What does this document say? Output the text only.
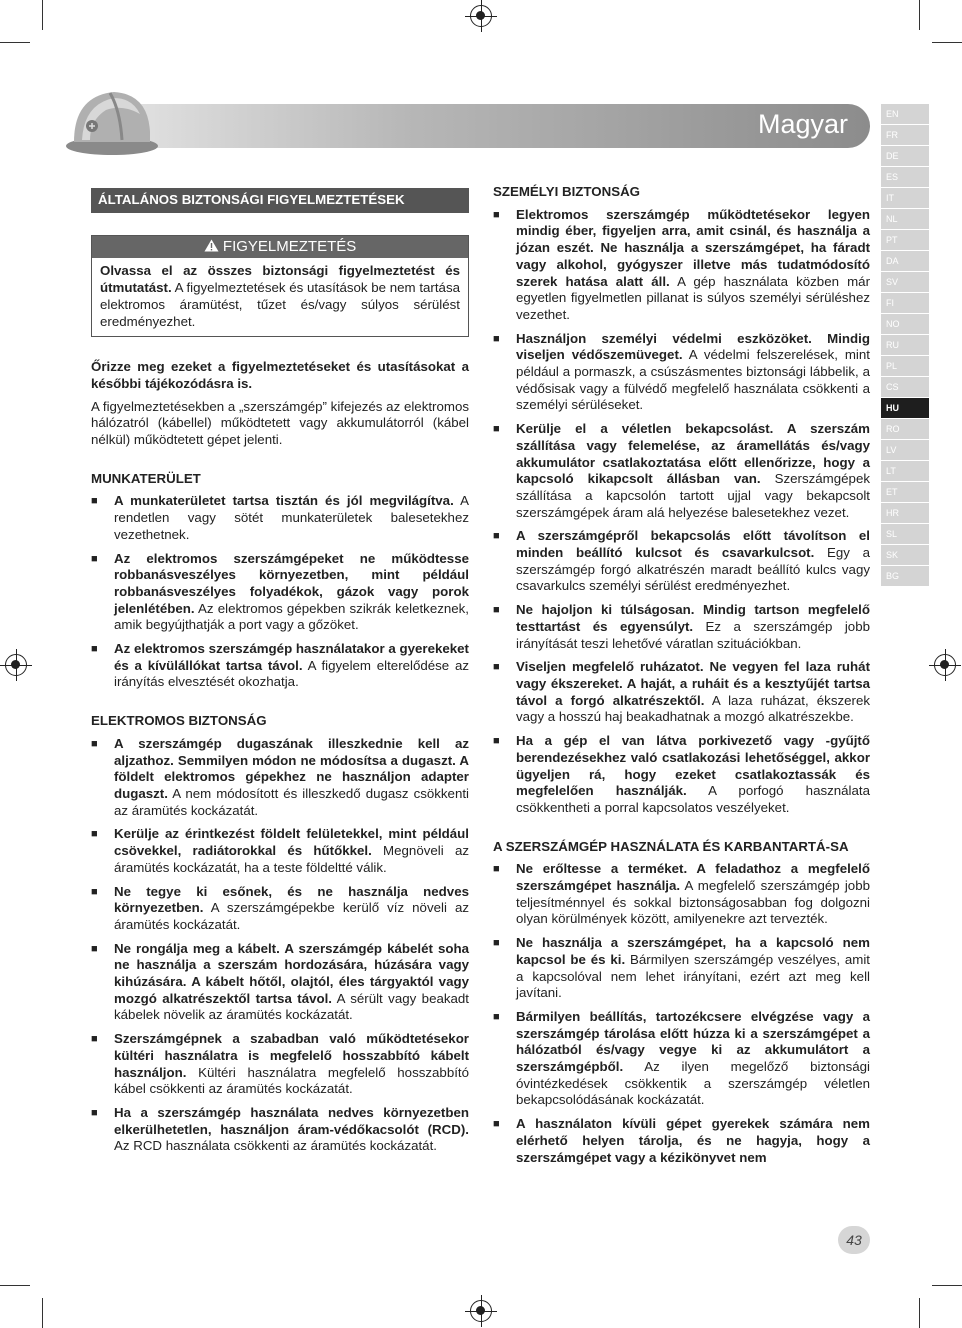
Magyar	EN
FR
DE
ES
IT
NL
PT
DA
SV
FI
NO
RU
PL
CS
HU
RO
LV
LT
ET
HR
SL
SK
BG
ÁLTALÁNOS BIZTONSÁGI FIGYELMEZTETÉSEK
FIGYELMEZTETÉS
Olvassa el az összes biztonsági figyelmeztetést és útmutatást. A figyelmeztetések és utasítások be nem tartása elektromos áramütést, tűzet és/vagy súlyos sérülést eredményezhet.

Őrizze meg ezeket a figyelmeztetéseket és utasításokat a későbbi tájékozódásra is.

A figyelmeztetésekben a „szerszámgép” kifejezés az elektromos hálózatról (kábellel) működtetett vagy akkumulátorról (kábel nélkül) működtetett gépet jelenti.

MUNKATERÜLET
■ A munkaterületet tartsa tisztán és jól megvilágítva. A rendetlen vagy sötét munkaterületek balesetekhez vezethetnek.
■ Az elektromos szerszámgépeket ne működtesse robbanásveszélyes környezetben, mint például robbanásveszélyes folyadékok, gázok vagy porok jelenlétében. Az elektromos gépekben szikrák keletkeznek, amik begyújthatják a port vagy a gőzöket.
■ Az elektromos szerszámgép használatakor a gyerekeket és a kívülállókat tartsa távol. A figyelem elterelődése az irányítás elvesztését okozhatja.
ELEKTROMOS BIZTONSÁG
■ A szerszámgép dugaszának illeszkednie kell az aljzathoz. Semmilyen módon ne módosítsa a dugaszt. A földelt elektromos gépekhez ne használjon adapter dugaszt. A nem módosított és illeszkedő dugasz csökkenti az áramütés kockázatát.
■ Kerülje az érintkezést földelt felületekkel, mint például csövekkel, radiátorokkal és hűtőkkel. Megnöveli az áramütés kockázatát, ha a teste földeltté válik.
■ Ne tegye ki esőnek, és ne használja nedves környezetben. A szerszámgépekbe kerülő víz növeli az áramütés kockázatát.
■ Ne rongálja meg a kábelt. A szerszámgép kábelét soha ne használja a szerszám hordozására, húzására vagy kihúzására. A kábelt hőtől, olajtól, éles tárgyaktól vagy mozgó alkatrészektől tartsa távol. A sérült vagy beakadt kábelek növelik az áramütés kockázatát.
■ Szerszámgépnek a szabadban való működtetésekor kültéri használatra is megfelelő hosszabbító kábelt használjon. Kültéri használatra megfelelő hosszabbító kábel csökkenti az áramütés kockázatát.
■ Ha a szerszámgép használata nedves környezetben elkerülhetetlen, használjon áram-védőkacsolót (RCD). Az RCD használata csökkenti az áramütés kockázatát.
SZEMÉLYI BIZTONSÁG
■ Elektromos szerszámgép működtetésekor legyen mindig éber, figyeljen arra, amit csinál, és használja a józan eszét. Ne használja a szerszámgépet, ha fáradt vagy alkohol, gyógyszer illetve más tudatmódosító szerek hatása alatt áll. A gép használata közben már egyetlen figyelmetlen pillanat is súlyos személyi sérüléshez vezethet.
■ Használjon személyi védelmi eszközöket. Mindig viseljen védőszemüveget. A védelmi felszerelések, mint például a pormaszk, a csúszásmentes biztonsági lábbelik, a védősisak vagy a fülvédő megfelelő használata csökkenti a személyi sérüléseket.
■ Kerülje el a véletlen bekapcsolást. A szerszám szállítása vagy felemelése, az áramellátás és/vagy akkumulátor csatlakoztatása előtt ellenőrizze, hogy a kapcsoló kikapcsolt állásban van. Szerszámgépek szállítása a kapcsolón tartott ujjal vagy bekapcsolt szerszámgépek áram alá helyezése balesetekhez vezet.
■ A szerszámgépről bekapcsolás előtt távolítson el minden beállító kulcsot és csavarkulcsot. Egy a szerszámgép forgó alkatrészén maradt beállító kulcs vagy csavarkulcs személyi sérülést eredményezhet.
■ Ne hajoljon ki túlságosan. Mindig tartson megfelelő testtartást és egyensúlyt. Ez a szerszámgép jobb irányítását teszi lehetővé váratlan szituációkban.
■ Viseljen megfelelő ruházatot. Ne vegyen fel laza ruhát vagy ékszereket. A haját, a ruháit és a kesztyűjét tartsa távol a forgó alkatrészektől. A laza ruházat, ékszerek vagy a hosszú haj beakadhatnak a mozgó alkatrészekbe.
■ Ha a gép el van látva porkivezető vagy -gyűjtő berendezésekhez való csatlakozási lehetőséggel, akkor ügyeljen rá, hogy ezeket csatlakoztassák és megfelelően használják. A porfogó használata csökkentheti a porral kapcsolatos veszélyeket.
A SZERSZÁMGÉP HASZNÁLATA ÉS KARBANTARTÁ-SA
■ Ne erőltesse a terméket. A feladathoz a megfelelő szerszámgépet használja. A megfelelő szerszámgép jobb teljesítménnyel és sokkal biztonságosabban fog dolgozni olyan körülmények között, amilyenekre azt tervezték.
■ Ne használja a szerszámgépet, ha a kapcsoló nem kapcsol be és ki. Bármilyen szerszámgép veszélyes, amit a kapcsolóval nem lehet irányítani, ezért azt meg kell javítani.
■ Bármilyen beállítás, tartozékcsere elvégzése vagy a szerszámgép tárolása előtt húzza ki a szerszámgépet a hálózatból és/vagy vegye ki az akkumulátort a szerszámgépből. Az ilyen megelőző biztonsági óvintézkedések csökkentik a szerszámgép véletlen bekapcsolódásának kockázatát.
■ A használaton kívüli gépet gyerekek számára nem elérhető helyen tárolja, és ne hagyja, hogy a szerszámgépet vagy a kézikönyvet nem
43
